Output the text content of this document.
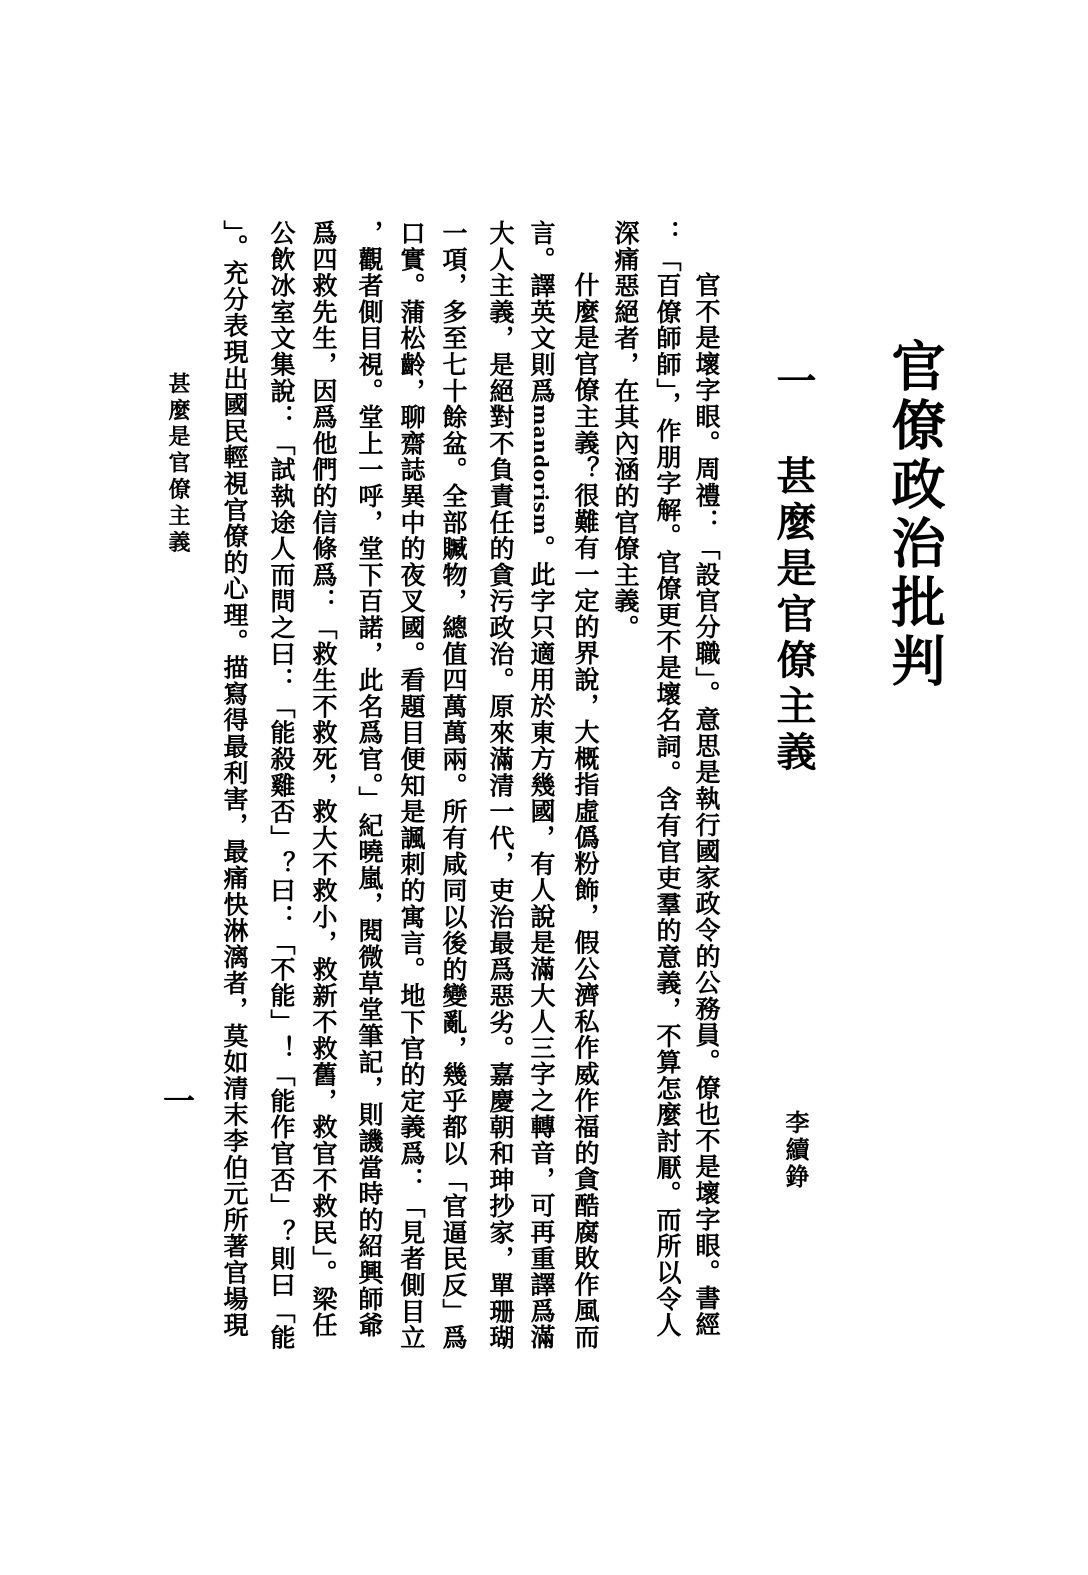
官僚政治批判
一
甚麼是官僚主義
李續錚
官不是壞字眼。周禮：「設官分職」。意思是執行國家政令的公務員。僚也不是壞字眼。書經
：「百僚師師」，作朋字解。官僚更不是壞名詞。含有官吏羣的意義，不算怎麼討厭。而所以令人
深痛惡絕者，在其內涵的官僚主義。
什麼是官僚主義？很難有一定的界說，大概指虛僞粉飾，假公濟私作威作福的貪酷腐敗作風而
言。譯英文則爲mandorism。此字只適用於東方幾國，有人說是滿大人三字之轉音，可再重譯爲滿
大人主義，是絕對不負責任的貪污政治。原來滿清一代，吏治最爲惡劣。嘉慶朝和珅抄家，單珊瑚
一項，多至七十餘盆。全部贓物，總值四萬萬兩。所有咸同以後的變亂，幾乎都以「官逼民反」爲
口實。蒲松齡，聊齋誌異中的夜叉國。看題目便知是諷刺的寓言。地下官的定義爲：「見者側目立
，觀者側目視。堂上一呼，堂下百諾，此名爲官。」紀曉嵐，閱微草堂筆記，則譏當時的紹興師爺
爲四救先生，因爲他們的信條爲：「救生不救死，救大不救小，救新不救舊，救官不救民」。梁任
公飲冰室文集說：「試執途人而問之曰：「能殺雞否」？曰：「不能」！「能作官否」？則曰「能
」。充分表現出國民輕視官僚的心理。描寫得最利害，最痛快淋漓者，莫如清末李伯元所著官場現
甚麼是官僚主義
一
